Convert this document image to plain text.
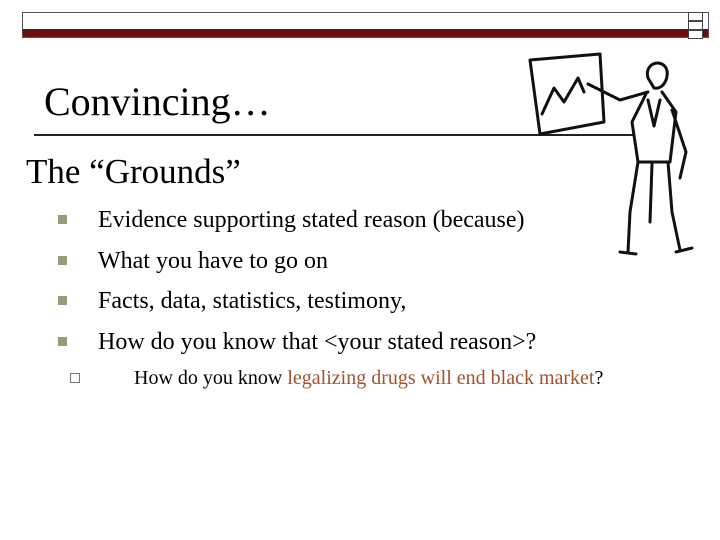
Convincing…
The “Grounds”
Evidence supporting stated reason (because)
What you have to go on
Facts, data, statistics, testimony,
How do you know that <your stated reason>?
How do you know legalizing drugs will end black market?
